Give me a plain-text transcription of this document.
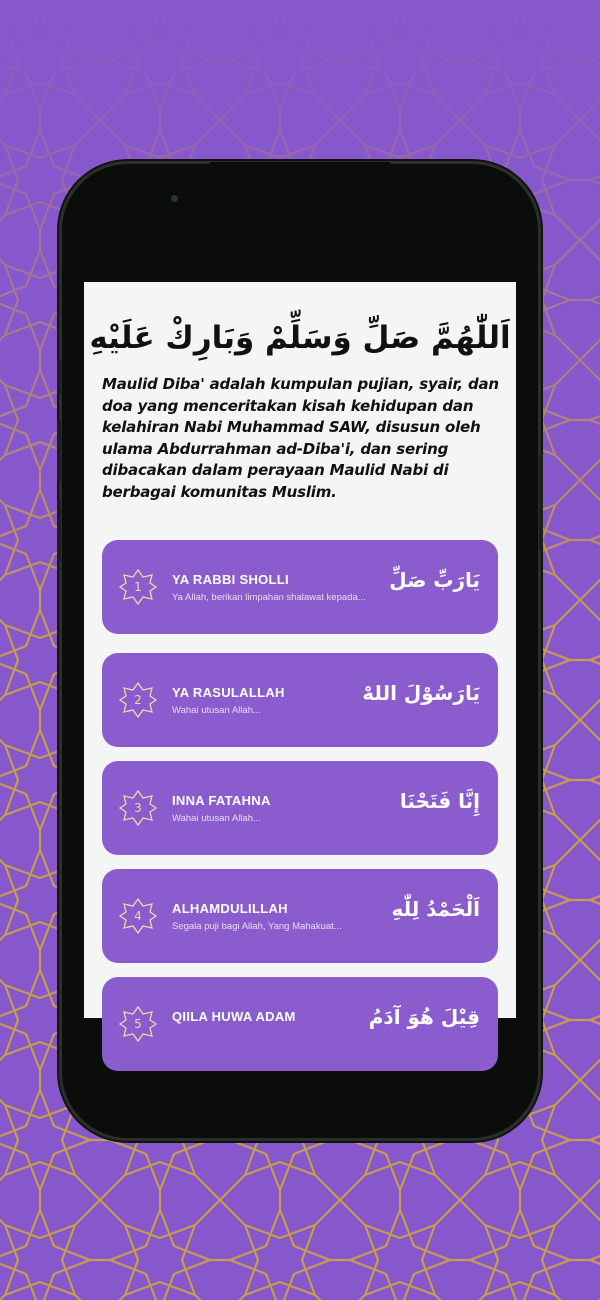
اَللّٰهُمَّ صَلِّ وَسَلِّمْ وَبَارِكْ عَلَيْهِ

Maulid Diba' adalah kumpulan pujian, syair, dan doa yang menceritakan kisah kehidupan dan kelahiran Nabi Muhammad SAW, disusun oleh ulama Abdurrahman ad-Diba'i, dan sering dibacakan dalam perayaan Maulid Nabi di berbagai komunitas Muslim.

1	YA RABBI SHOLLI
Ya Allah, berikan limpahan shalawat kepada...
يَارَبِّ صَلِّ
2	YA RASULALLAH
Wahai utusan Allah...
يَارَسُوْلَ اللهْ
3	INNA FATAHNA
Wahai utusan Allah...
إِنَّا فَتَحْنَا
4	ALHAMDULILLAH
Segala puji bagi Allah, Yang Mahakuat...
اَلْحَمْدُ لِلّٰهِ
5	QIILA HUWA ADAM	قِيْلَ هُوَ آدَمُ
